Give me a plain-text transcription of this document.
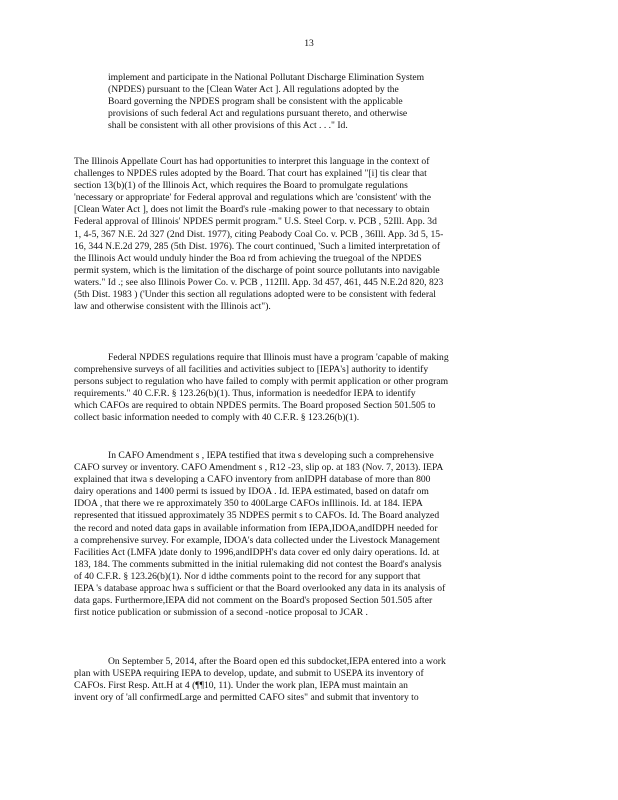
13
implement and participate in the National Pollutant Discharge Elimination System
(NPDES) pursuant to the [Clean Water Act ]. All regulations adopted by the
Board governing the NPDES program shall be consistent with the applicable
provisions of such federal Act and regulations pursuant thereto, and otherwise
shall be consistent with all other provisions of this Act . . ." Id.
The Illinois Appellate Court has had opportunities to interpret this language in the context of
challenges to NPDES rules adopted by the Board. That court has explained "[i] tis clear that
section 13(b)(1) of the Illinois Act, which requires the Board to promulgate regulations
'necessary or appropriate' for Federal approval and regulations which are 'consistent' with the
[Clean Water Act ], does not limit the Board's rule -making power to that necessary to obtain
Federal approval of Illinois' NPDES permit program." U.S. Steel Corp. v. PCB , 52Ill. App. 3d
1, 4-5, 367 N.E. 2d 327 (2nd Dist. 1977), citing Peabody Coal Co. v. PCB , 36Ill. App. 3d 5, 15-
16, 344 N.E.2d 279, 285 (5th Dist. 1976). The court continued, 'Such a limited interpretation of
the Illinois Act would unduly hinder the Boa rd from achieving the truegoal of the NPDES
permit system, which is the limitation of the discharge of point source pollutants into navigable
waters." Id .; see also Illinois Power Co. v. PCB , 112Ill. App. 3d 457, 461, 445 N.E.2d 820, 823
(5th Dist. 1983 ) ('Under this section all regulations adopted were to be consistent with federal
law and otherwise consistent with the Illinois act").
Federal NPDES regulations require that Illinois must have a program 'capable of making
comprehensive surveys of all facilities and activities subject to [IEPA's] authority to identify
persons subject to regulation who have failed to comply with permit application or other program
requirements." 40 C.F.R. § 123.26(b)(1). Thus, information is neededfor IEPA to identify
which CAFOs are required to obtain NPDES permits. The Board proposed Section 501.505 to
collect basic information needed to comply with 40 C.F.R. § 123.26(b)(1).
In CAFO Amendment s , IEPA testified that itwa s developing such a comprehensive
CAFO survey or inventory. CAFO Amendment s , R12 -23, slip op. at 183 (Nov. 7, 2013). IEPA
explained that itwa s developing a CAFO inventory from anIDPH database of more than 800
dairy operations and 1400 permi ts issued by IDOA . Id. IEPA estimated, based on datafr om
IDOA , that there we re approximately 350 to 400Large CAFOs inIllinois. Id. at 184. IEPA
represented that itissued approximately 35 NDPES permit s to CAFOs. Id. The Board analyzed
the record and noted data gaps in available information from IEPA,IDOA,andIDPH needed for
a comprehensive survey. For example, IDOA's data collected under the Livestock Management
Facilities Act (LMFA )date donly to 1996,andIDPH's data cover ed only dairy operations. Id. at
183, 184. The comments submitted in the initial rulemaking did not contest the Board's analysis
of 40 C.F.R. § 123.26(b)(1). Nor d idthe comments point to the record for any support that
IEPA 's database approac hwa s sufficient or that the Board overlooked any data in its analysis of
data gaps. Furthermore,IEPA did not comment on the Board's proposed Section 501.505 after
first notice publication or submission of a second -notice proposal to JCAR .
On September 5, 2014, after the Board open ed this subdocket,IEPA entered into a work
plan with USEPA requiring IEPA to develop, update, and submit to USEPA its inventory of
CAFOs. First Resp. Att.H at 4 (¶¶10, 11). Under the work plan, IEPA must maintain an
invent ory of 'all confirmedLarge and permitted CAFO sites" and submit that inventory to
